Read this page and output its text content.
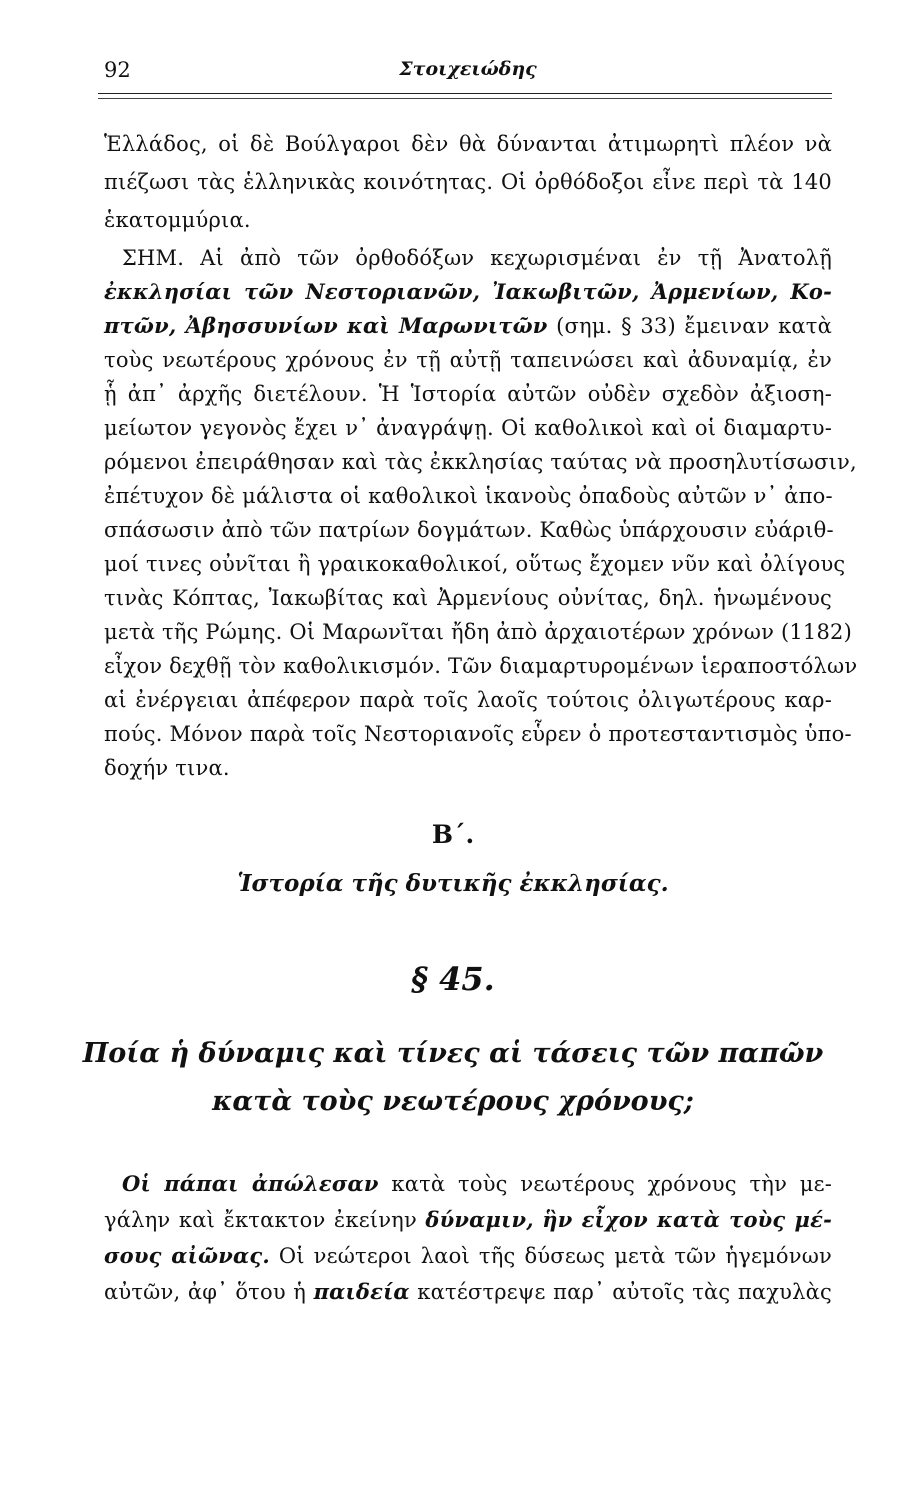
92	Στοιχειώδης
Ἑλλάδος, οἱ δὲ Βούλγαροι δὲν θὰ δύνανται ἀτιμωρητὶ πλέον νὰ
πιέζωσι τὰς ἑλληνικὰς κοινότητας. Οἱ ὀρθόδοξοι εἶνε περὶ τὰ 140
ἑκατομμύρια.
ΣΗΜ. Αἱ ἀπὸ τῶν ὀρθοδόξων κεχωρισμέναι ἐν τῇ Ἀνατολῇ
ἐκκλησίαι τῶν Νεστοριανῶν, Ἰακωβιτῶν, Ἀρμενίων, Κο-
πτῶν, Ἀβησσυνίων καὶ Μαρωνιτῶν (σημ. § 33) ἔμειναν κατὰ
τοὺς νεωτέρους χρόνους ἐν τῇ αὐτῇ ταπεινώσει καὶ ἀδυναμίᾳ, ἐν
ᾗ ἀπ᾽ ἀρχῆς διετέλουν. Ἡ Ἱστορία αὐτῶν οὐδὲν σχεδὸν ἀξιοση-
μείωτον γεγονὸς ἔχει ν᾽ ἀναγράψῃ. Οἱ καθολικοὶ καὶ οἱ διαμαρτυ-
ρόμενοι ἐπειράθησαν καὶ τὰς ἐκκλησίας ταύτας νὰ προσηλυτίσωσιν,
ἐπέτυχον δὲ μάλιστα οἱ καθολικοὶ ἱκανοὺς ὀπαδοὺς αὐτῶν ν᾽ ἀπο-
σπάσωσιν ἀπὸ τῶν πατρίων δογμάτων. Καθὼς ὑπάρχουσιν εὐάριθ-
μοί τινες οὐνῖται ἢ γραικοκαθολικοί, οὕτως ἔχομεν νῦν καὶ ὀλίγους
τινὰς Κόπτας, Ἰακωβίτας καὶ Ἀρμενίους οὐνίτας, δηλ. ἡνωμένους
μετὰ τῆς Ρώμης. Οἱ Μαρωνῖται ἤδη ἀπὸ ἀρχαιοτέρων χρόνων (1182)
εἶχον δεχθῇ τὸν καθολικισμόν. Τῶν διαμαρτυρομένων ἱεραποστόλων
αἱ ἐνέργειαι ἀπέφερον παρὰ τοῖς λαοῖς τούτοις ὀλιγωτέρους καρ-
πούς. Μόνον παρὰ τοῖς Νεστοριανοῖς εὗρεν ὁ προτεσταντισμὸς ὑπο-
δοχήν τινα.
Β΄.
Ἱστορία τῆς δυτικῆς ἐκκλησίας.
§ 45.
Ποία ἡ δύναμις καὶ τίνες αἱ τάσεις τῶν παπῶν
κατὰ τοὺς νεωτέρους χρόνους;
Οἱ πάπαι ἀπώλεσαν κατὰ τοὺς νεωτέρους χρόνους τὴν με-
γάλην καὶ ἔκτακτον ἐκείνην δύναμιν, ἣν εἶχον κατὰ τοὺς μέ-
σους αἰῶνας. Οἱ νεώτεροι λαοὶ τῆς δύσεως μετὰ τῶν ἡγεμόνων
αὐτῶν, ἀφ᾽ ὅτου ἡ παιδεία κατέστρεψε παρ᾽ αὐτοῖς τὰς παχυλὰς
